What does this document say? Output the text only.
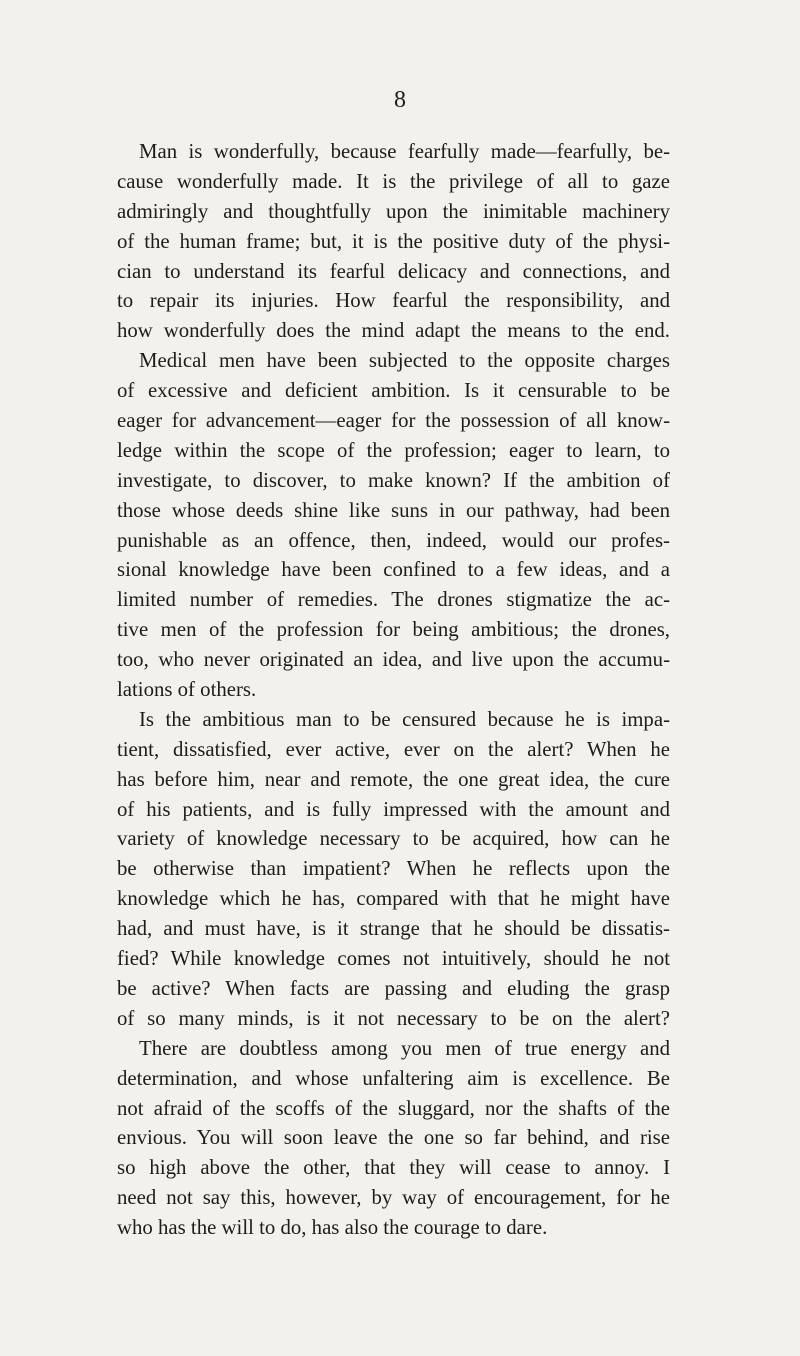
8
Man is wonderfully, because fearfully made—fearfully, be-
cause wonderfully made. It is the privilege of all to gaze
admiringly and thoughtfully upon the inimitable machinery
of the human frame; but, it is the positive duty of the physi-
cian to understand its fearful delicacy and connections, and
to repair its injuries. How fearful the responsibility, and
how wonderfully does the mind adapt the means to the end.
Medical men have been subjected to the opposite charges
of excessive and deficient ambition. Is it censurable to be
eager for advancement—eager for the possession of all know-
ledge within the scope of the profession; eager to learn, to
investigate, to discover, to make known? If the ambition of
those whose deeds shine like suns in our pathway, had been
punishable as an offence, then, indeed, would our profes-
sional knowledge have been confined to a few ideas, and a
limited number of remedies. The drones stigmatize the ac-
tive men of the profession for being ambitious; the drones,
too, who never originated an idea, and live upon the accumu-
lations of others.
Is the ambitious man to be censured because he is impa-
tient, dissatisfied, ever active, ever on the alert? When he
has before him, near and remote, the one great idea, the cure
of his patients, and is fully impressed with the amount and
variety of knowledge necessary to be acquired, how can he
be otherwise than impatient? When he reflects upon the
knowledge which he has, compared with that he might have
had, and must have, is it strange that he should be dissatis-
fied? While knowledge comes not intuitively, should he not
be active? When facts are passing and eluding the grasp
of so many minds, is it not necessary to be on the alert?
There are doubtless among you men of true energy and
determination, and whose unfaltering aim is excellence. Be
not afraid of the scoffs of the sluggard, nor the shafts of the
envious. You will soon leave the one so far behind, and rise
so high above the other, that they will cease to annoy. I
need not say this, however, by way of encouragement, for he
who has the will to do, has also the courage to dare.
